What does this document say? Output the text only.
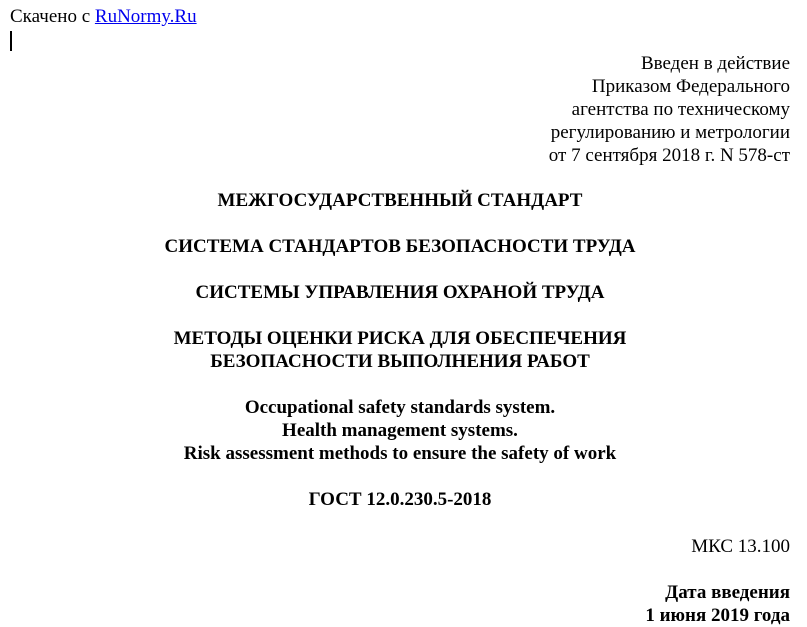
Скачено с RuNormy.Ru
Введен в действие
Приказом Федерального
агентства по техническому
регулированию и метрологии
от 7 сентября 2018 г. N 578-ст
МЕЖГОСУДАРСТВЕННЫЙ СТАНДАРТ
СИСТЕМА СТАНДАРТОВ БЕЗОПАСНОСТИ ТРУДА
СИСТЕМЫ УПРАВЛЕНИЯ ОХРАНОЙ ТРУДА
МЕТОДЫ ОЦЕНКИ РИСКА ДЛЯ ОБЕСПЕЧЕНИЯ
БЕЗОПАСНОСТИ ВЫПОЛНЕНИЯ РАБОТ
Occupational safety standards system.
Health management systems.
Risk assessment methods to ensure the safety of work
ГОСТ 12.0.230.5-2018
МКС 13.100
Дата введения
1 июня 2019 года
